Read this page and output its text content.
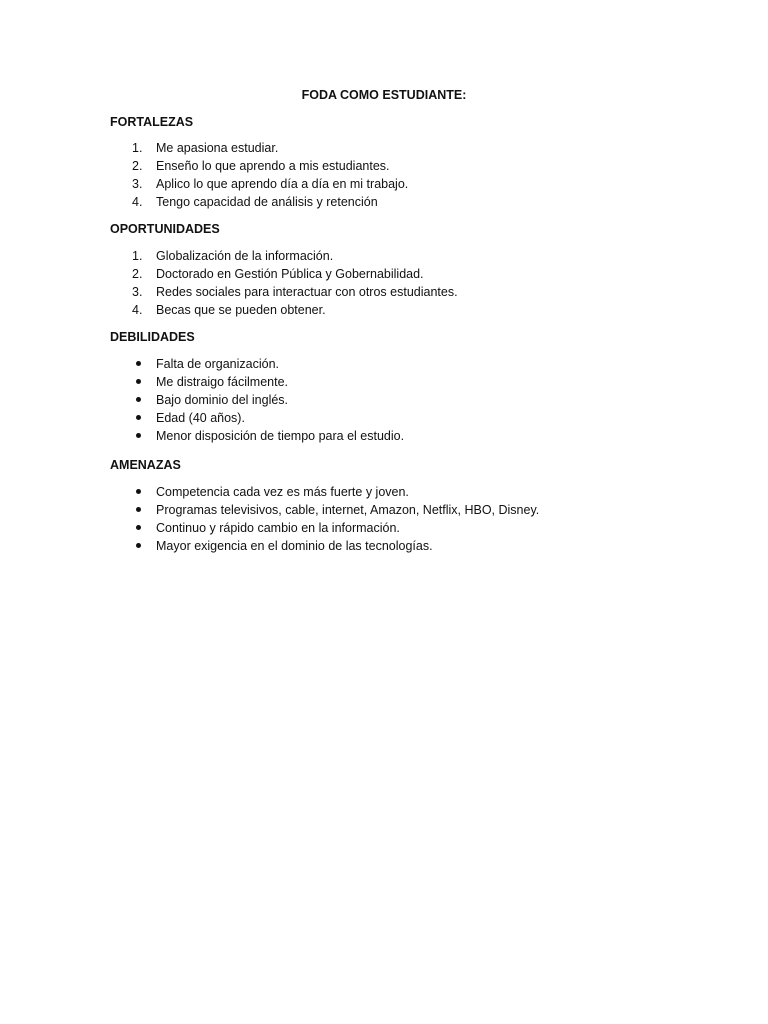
FODA COMO ESTUDIANTE:
FORTALEZAS
1.	Me apasiona estudiar.
2.	Enseño lo que aprendo a mis estudiantes.
3.	Aplico lo que aprendo día a día en mi trabajo.
4.	Tengo capacidad de análisis y retención
OPORTUNIDADES
1.	Globalización de la información.
2.	Doctorado en Gestión Pública y Gobernabilidad.
3.	Redes sociales para interactuar con otros estudiantes.
4.	Becas que se pueden obtener.
DEBILIDADES
Falta de organización.
Me distraigo fácilmente.
Bajo dominio del inglés.
Edad (40 años).
Menor disposición de tiempo para el estudio.
AMENAZAS
Competencia cada vez es más fuerte y joven.
Programas televisivos, cable, internet, Amazon, Netflix, HBO, Disney.
Continuo y rápido cambio en la información.
Mayor exigencia en el dominio de las tecnologías.
